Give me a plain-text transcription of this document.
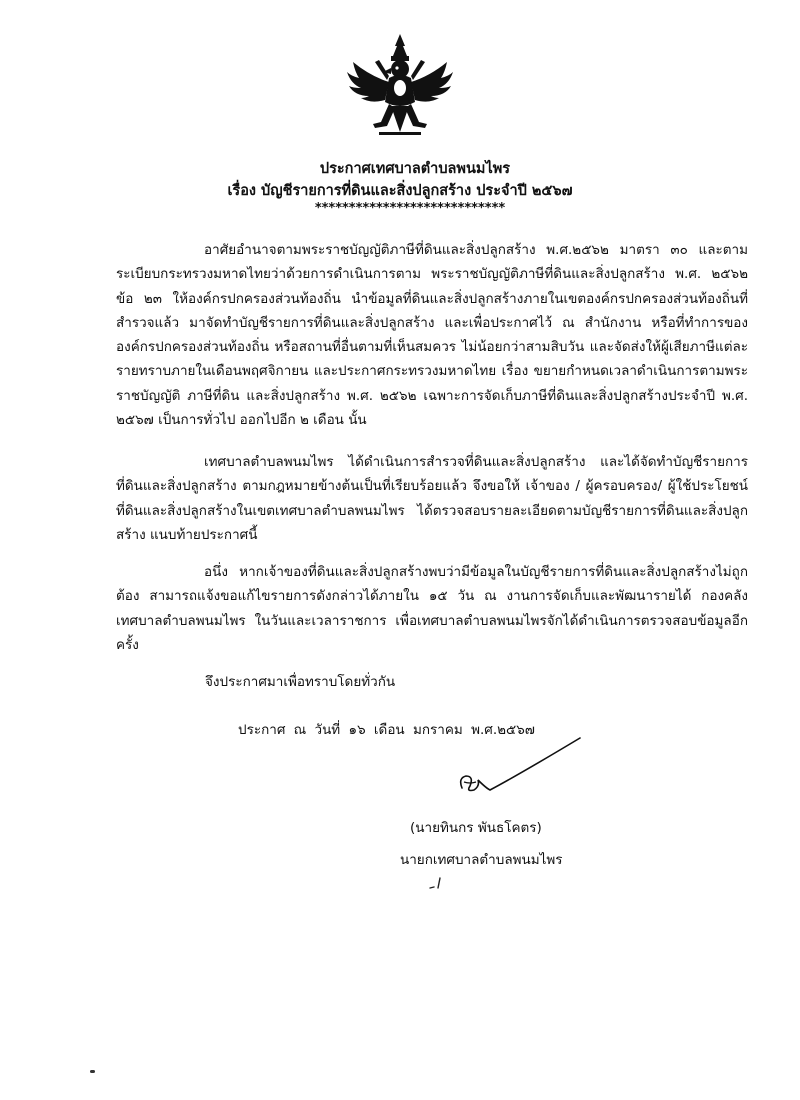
ประกาศเทศบาลตำบลพนมไพร
เรื่อง บัญชีรายการที่ดินและสิ่งปลูกสร้าง ประจำปี ๒๕๖๗
****************************

อาศัยอำนาจตามพระราชบัญญัติภาษีที่ดินและสิ่งปลูกสร้าง พ.ศ.๒๕๖๒ มาตรา ๓๐ และตามระเบียบกระทรวงมหาดไทยว่าด้วยการดำเนินการตาม พระราชบัญญัติภาษีที่ดินและสิ่งปลูกสร้าง พ.ศ. ๒๕๖๒ ข้อ ๒๓ ให้องค์กรปกครองส่วนท้องถิ่น นำข้อมูลที่ดินและสิ่งปลูกสร้างภายในเขตองค์กรปกครองส่วนท้องถิ่นที่สำรวจแล้ว มาจัดทำบัญชีรายการที่ดินและสิ่งปลูกสร้าง และเพื่อประกาศไว้ ณ สำนักงาน หรือที่ทำการขององค์กรปกครองส่วนท้องถิ่น หรือสถานที่อื่นตามที่เห็นสมควร ไม่น้อยกว่าสามสิบวัน และจัดส่งให้ผู้เสียภาษีแต่ละรายทราบภายในเดือนพฤศจิกายน และประกาศกระทรวงมหาดไทย เรื่อง ขยายกำหนดเวลาดำเนินการตามพระราชบัญญัติ ภาษีที่ดิน และสิ่งปลูกสร้าง พ.ศ. ๒๕๖๒ เฉพาะการจัดเก็บภาษีที่ดินและสิ่งปลูกสร้างประจำปี พ.ศ. ๒๕๖๗ เป็นการทั่วไป ออกไปอีก ๒ เดือน นั้น

เทศบาลตำบลพนมไพร ได้ดำเนินการสำรวจที่ดินและสิ่งปลูกสร้าง และได้จัดทำบัญชีรายการที่ดินและสิ่งปลูกสร้าง ตามกฎหมายข้างต้นเป็นที่เรียบร้อยแล้ว จึงขอให้ เจ้าของ / ผู้ครอบครอง/ ผู้ใช้ประโยชน์ที่ดินและสิ่งปลูกสร้างในเขตเทศบาลตำบลพนมไพร ได้ตรวจสอบรายละเอียดตามบัญชีรายการที่ดินและสิ่งปลูกสร้าง แนบท้ายประกาศนี้

อนึ่ง หากเจ้าของที่ดินและสิ่งปลูกสร้างพบว่ามีข้อมูลในบัญชีรายการที่ดินและสิ่งปลูกสร้างไม่ถูกต้อง สามารถแจ้งขอแก้ไขรายการดังกล่าวได้ภายใน ๑๕ วัน ณ งานการจัดเก็บและพัฒนารายได้ กองคลังเทศบาลตำบลพนมไพร ในวันและเวลาราชการ เพื่อเทศบาลตำบลพนมไพรจักได้ดำเนินการตรวจสอบข้อมูลอีกครั้ง

จึงประกาศมาเพื่อทราบโดยทั่วกัน
ประกาศ ณ วันที่ ๑๖ เดือน มกราคม พ.ศ.๒๕๖๗
(นายทินกร พันธโคตร)
นายกเทศบาลตำบลพนมไพร
